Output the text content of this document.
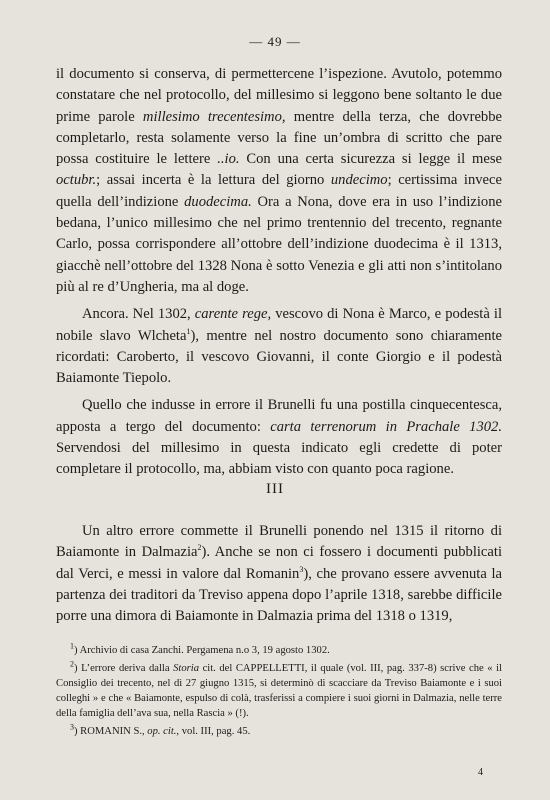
— 49 —

il documento si conserva, di permettercene l’ispezione. Avutolo, potemmo constatare che nel protocollo, del millesimo si leggono bene soltanto le due prime parole millesimo trecentesimo, mentre della terza, che dovrebbe completarlo, resta solamente verso la fine un’ombra di scritto che pare possa costituire le lettere ..io. Con una certa sicurezza si legge il mese octubr.; assai incerta è la lettura del giorno undecimo; certissima invece quella dell’indizione duodecima. Ora a Nona, dove era in uso l’indizione bedana, l’unico millesimo che nel primo trentennio del trecento, regnante Carlo, possa corrispondere all’ottobre dell’indizione duodecima è il 1313, giacchè nell’ottobre del 1328 Nona è sotto Venezia e gli atti non s’intitolano più al re d’Ungheria, ma al doge.

Ancora. Nel 1302, carente rege, vescovo di Nona è Marco, e podestà il nobile slavo Wlcheta$^1$), mentre nel nostro documento sono chiaramente ricordati: Caroberto, il vescovo Giovanni, il conte Giorgio e il podestà Baiamonte Tiepolo.

Quello che indusse in errore il Brunelli fu una postilla cinquecentesca, apposta a tergo del documento: carta terrenorum in Prachale 1302. Servendosi del millesimo in questa indicato egli credette di poter completare il protocollo, ma, abbiam visto con quanto poca ragione.

III

Un altro errore commette il Brunelli ponendo nel 1315 il ritorno di Baiamonte in Dalmazia$^2$). Anche se non ci fossero i documenti pubblicati dal Verci, e messi in valore dal Romanin$^3$), che provano essere avvenuta la partenza dei traditori da Treviso appena dopo l’aprile 1318, sarebbe difficile porre una dimora di Baiamonte in Dalmazia prima del 1318 o 1319,

$^1$) Archivio di casa Zanchi. Pergamena n.o 3, 19 agosto 1302.

$^2$) L’errore deriva dalla Storia cit. del CAPPELLETTI, il quale (vol. III, pag. 337-8) scrive che « il Consiglio dei trecento, nel dì 27 giugno 1315, si determinò di scacciare da Treviso Baiamonte e i suoi colleghi » e che « Baiamonte, espulso di colà, trasferissi a compiere i suoi giorni in Dalmazia, nelle terre della famiglia dell’ava sua, nella Rascia » (!).

$^3$) ROMANIN S., op. cit., vol. III, pag. 45.

4
